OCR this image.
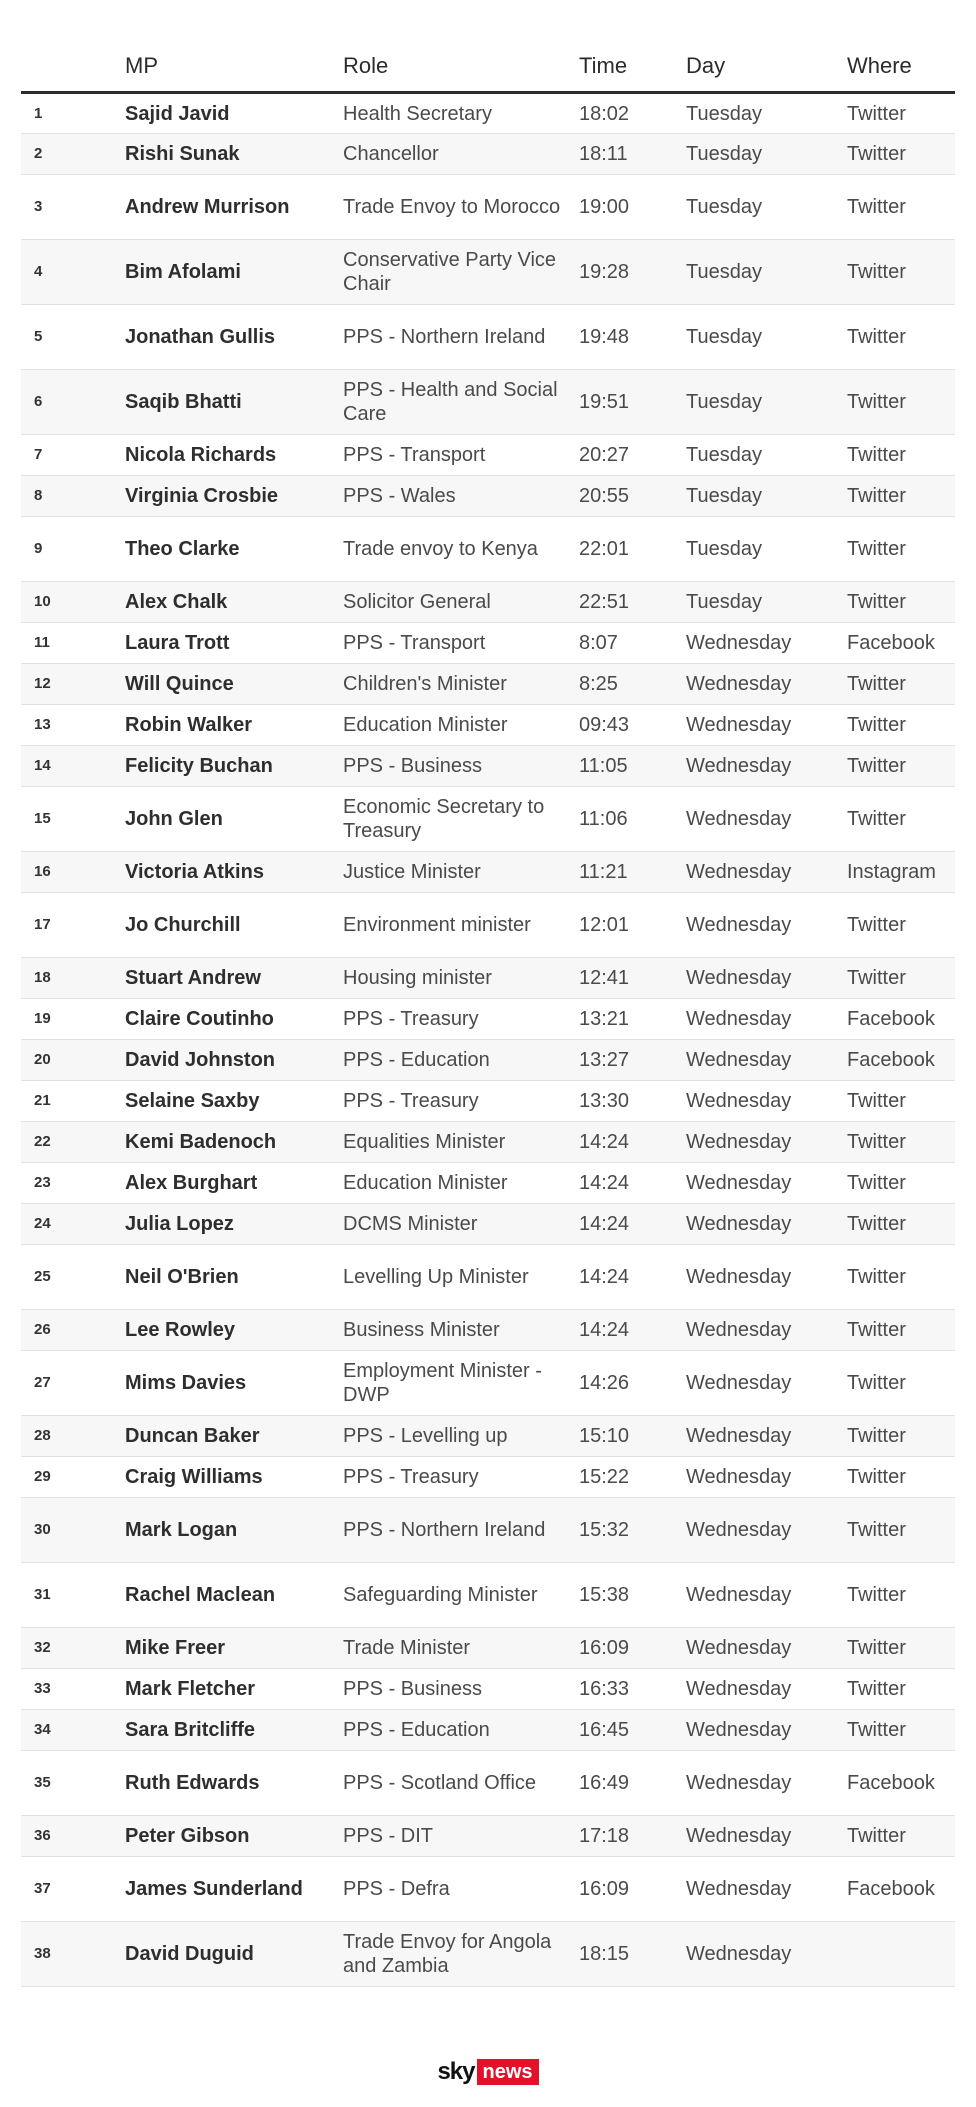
	MP	Role	Time	Day	Where
1	Sajid Javid	Health Secretary	18:02	Tuesday	Twitter
2	Rishi Sunak	Chancellor	18:11	Tuesday	Twitter
3	Andrew Murrison	Trade Envoy to Morocco	19:00	Tuesday	Twitter
4	Bim Afolami	Conservative Party Vice Chair	19:28	Tuesday	Twitter
5	Jonathan Gullis	PPS - Northern Ireland	19:48	Tuesday	Twitter
6	Saqib Bhatti	PPS - Health and Social Care	19:51	Tuesday	Twitter
7	Nicola Richards	PPS - Transport	20:27	Tuesday	Twitter
8	Virginia Crosbie	PPS - Wales	20:55	Tuesday	Twitter
9	Theo Clarke	Trade envoy to Kenya	22:01	Tuesday	Twitter
10	Alex Chalk	Solicitor General	22:51	Tuesday	Twitter
11	Laura Trott	PPS - Transport	8:07	Wednesday	Facebook
12	Will Quince	Children's Minister	8:25	Wednesday	Twitter
13	Robin Walker	Education Minister	09:43	Wednesday	Twitter
14	Felicity Buchan	PPS - Business	11:05	Wednesday	Twitter
15	John Glen	Economic Secretary to Treasury	11:06	Wednesday	Twitter
16	Victoria Atkins	Justice Minister	11:21	Wednesday	Instagram
17	Jo Churchill	Environment minister	12:01	Wednesday	Twitter
18	Stuart Andrew	Housing minister	12:41	Wednesday	Twitter
19	Claire Coutinho	PPS - Treasury	13:21	Wednesday	Facebook
20	David Johnston	PPS - Education	13:27	Wednesday	Facebook
21	Selaine Saxby	PPS - Treasury	13:30	Wednesday	Twitter
22	Kemi Badenoch	Equalities Minister	14:24	Wednesday	Twitter
23	Alex Burghart	Education Minister	14:24	Wednesday	Twitter
24	Julia Lopez	DCMS Minister	14:24	Wednesday	Twitter
25	Neil O'Brien	Levelling Up Minister	14:24	Wednesday	Twitter
26	Lee Rowley	Business Minister	14:24	Wednesday	Twitter
27	Mims Davies	Employment Minister - DWP	14:26	Wednesday	Twitter
28	Duncan Baker	PPS - Levelling up	15:10	Wednesday	Twitter
29	Craig Williams	PPS - Treasury	15:22	Wednesday	Twitter
30	Mark Logan	PPS - Northern Ireland	15:32	Wednesday	Twitter
31	Rachel Maclean	Safeguarding Minister	15:38	Wednesday	Twitter
32	Mike Freer	Trade Minister	16:09	Wednesday	Twitter
33	Mark Fletcher	PPS - Business	16:33	Wednesday	Twitter
34	Sara Britcliffe	PPS - Education	16:45	Wednesday	Twitter
35	Ruth Edwards	PPS - Scotland Office	16:49	Wednesday	Facebook
36	Peter Gibson	PPS - DIT	17:18	Wednesday	Twitter
37	James Sunderland	PPS - Defra	16:09	Wednesday	Facebook
38	David Duguid	Trade Envoy for Angola and Zambia	18:15	Wednesday	
sky news
